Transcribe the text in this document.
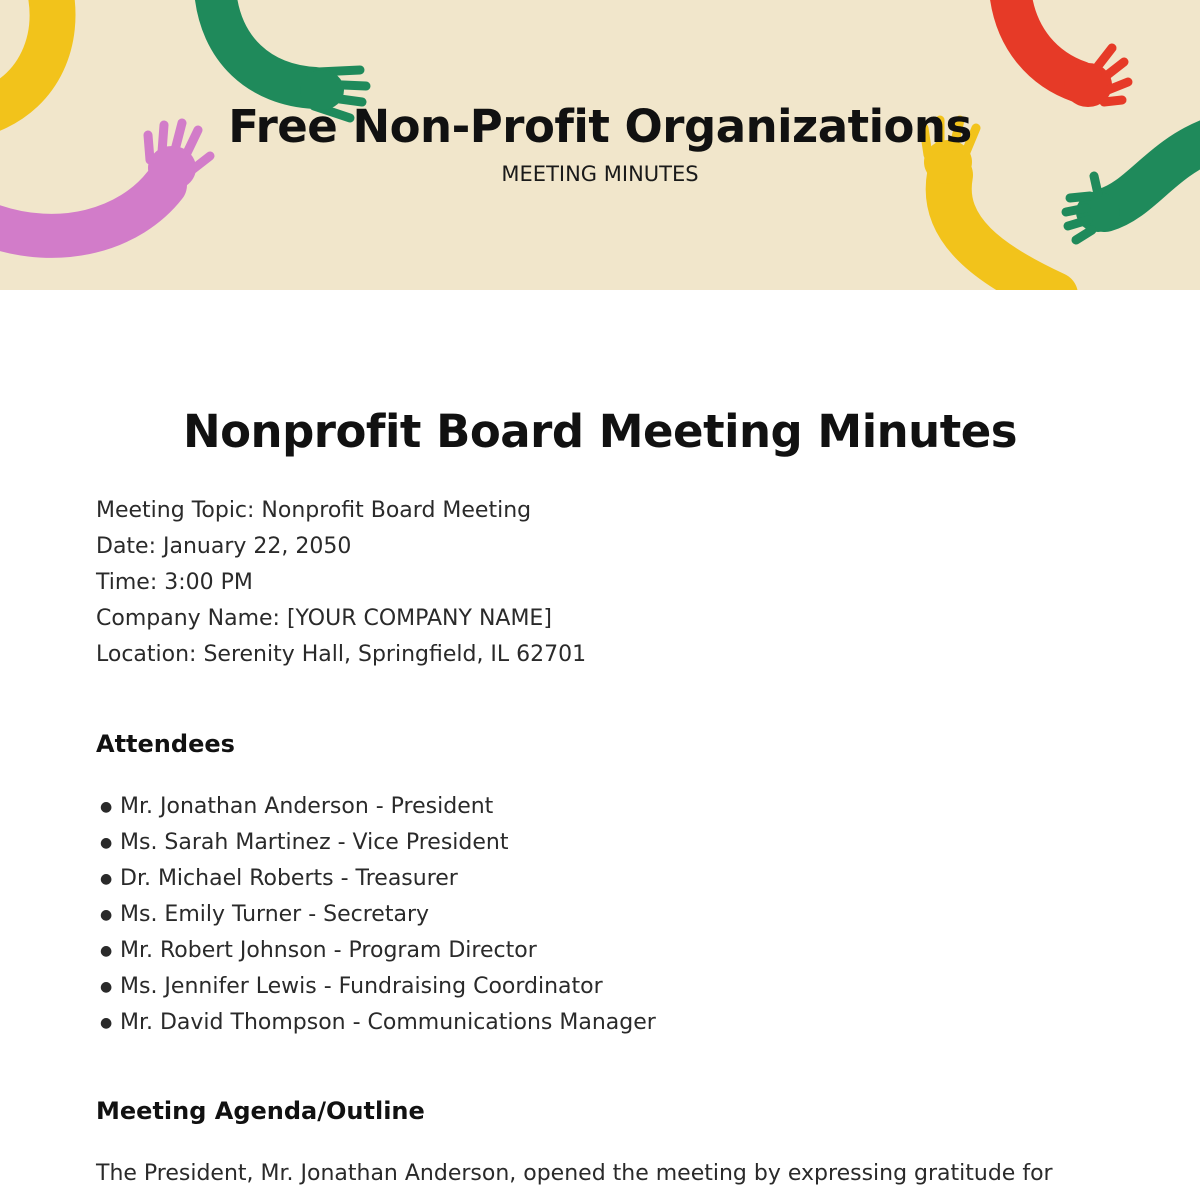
Free Non-Profit Organizations

MEETING MINUTES

Nonprofit Board Meeting Minutes
Meeting Topic: Nonprofit Board Meeting
Date: January 22, 2050
Time: 3:00 PM
Company Name: [YOUR COMPANY NAME]
Location: Serenity Hall, Springfield, IL 62701
Attendees
● Mr. Jonathan Anderson - President
● Ms. Sarah Martinez - Vice President
● Dr. Michael Roberts - Treasurer
● Ms. Emily Turner - Secretary
● Mr. Robert Johnson - Program Director
● Ms. Jennifer Lewis - Fundraising Coordinator
● Mr. David Thompson - Communications Manager
Meeting Agenda/Outline

The President, Mr. Jonathan Anderson, opened the meeting by expressing gratitude for
